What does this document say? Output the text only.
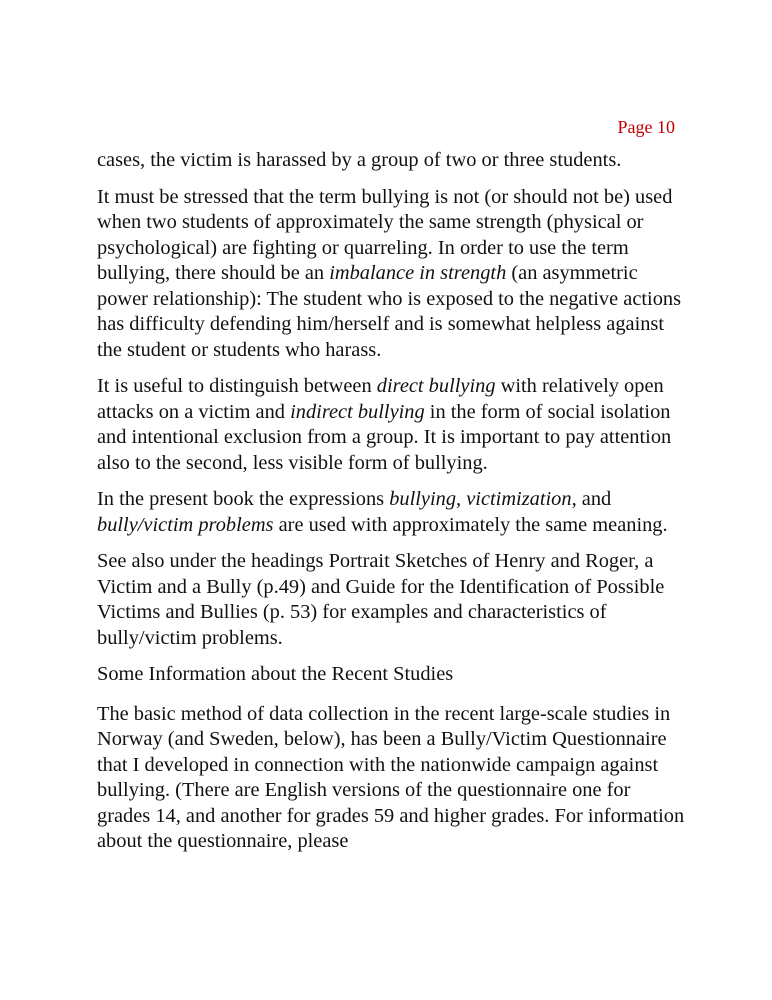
Page 10

cases, the victim is harassed by a group of two or three students.

It must be stressed that the term bullying is not (or should not be) used when two students of approximately the same strength (physical or psychological) are fighting or quarreling. In order to use the term bullying, there should be an imbalance in strength (an asymmetric power relationship): The student who is exposed to the negative actions has difficulty defending him/herself and is somewhat helpless against the student or students who harass.

It is useful to distinguish between direct bullying with relatively open attacks on a victim and indirect bullying in the form of social isolation and intentional exclusion from a group. It is important to pay attention also to the second, less visible form of bullying.

In the present book the expressions bullying, victimization, and bully/victim problems are used with approximately the same meaning.

See also under the headings Portrait Sketches of Henry and Roger, a Victim and a Bully (p.49) and Guide for the Identification of Possible Victims and Bullies (p. 53) for examples and characteristics of bully/victim problems.

Some Information about the Recent Studies

The basic method of data collection in the recent large-scale studies in Norway (and Sweden, below), has been a Bully/Victim Questionnaire that I developed in connection with the nationwide campaign against bullying. (There are English versions of the questionnaire one for grades 14, and another for grades 59 and higher grades. For information about the questionnaire, please
